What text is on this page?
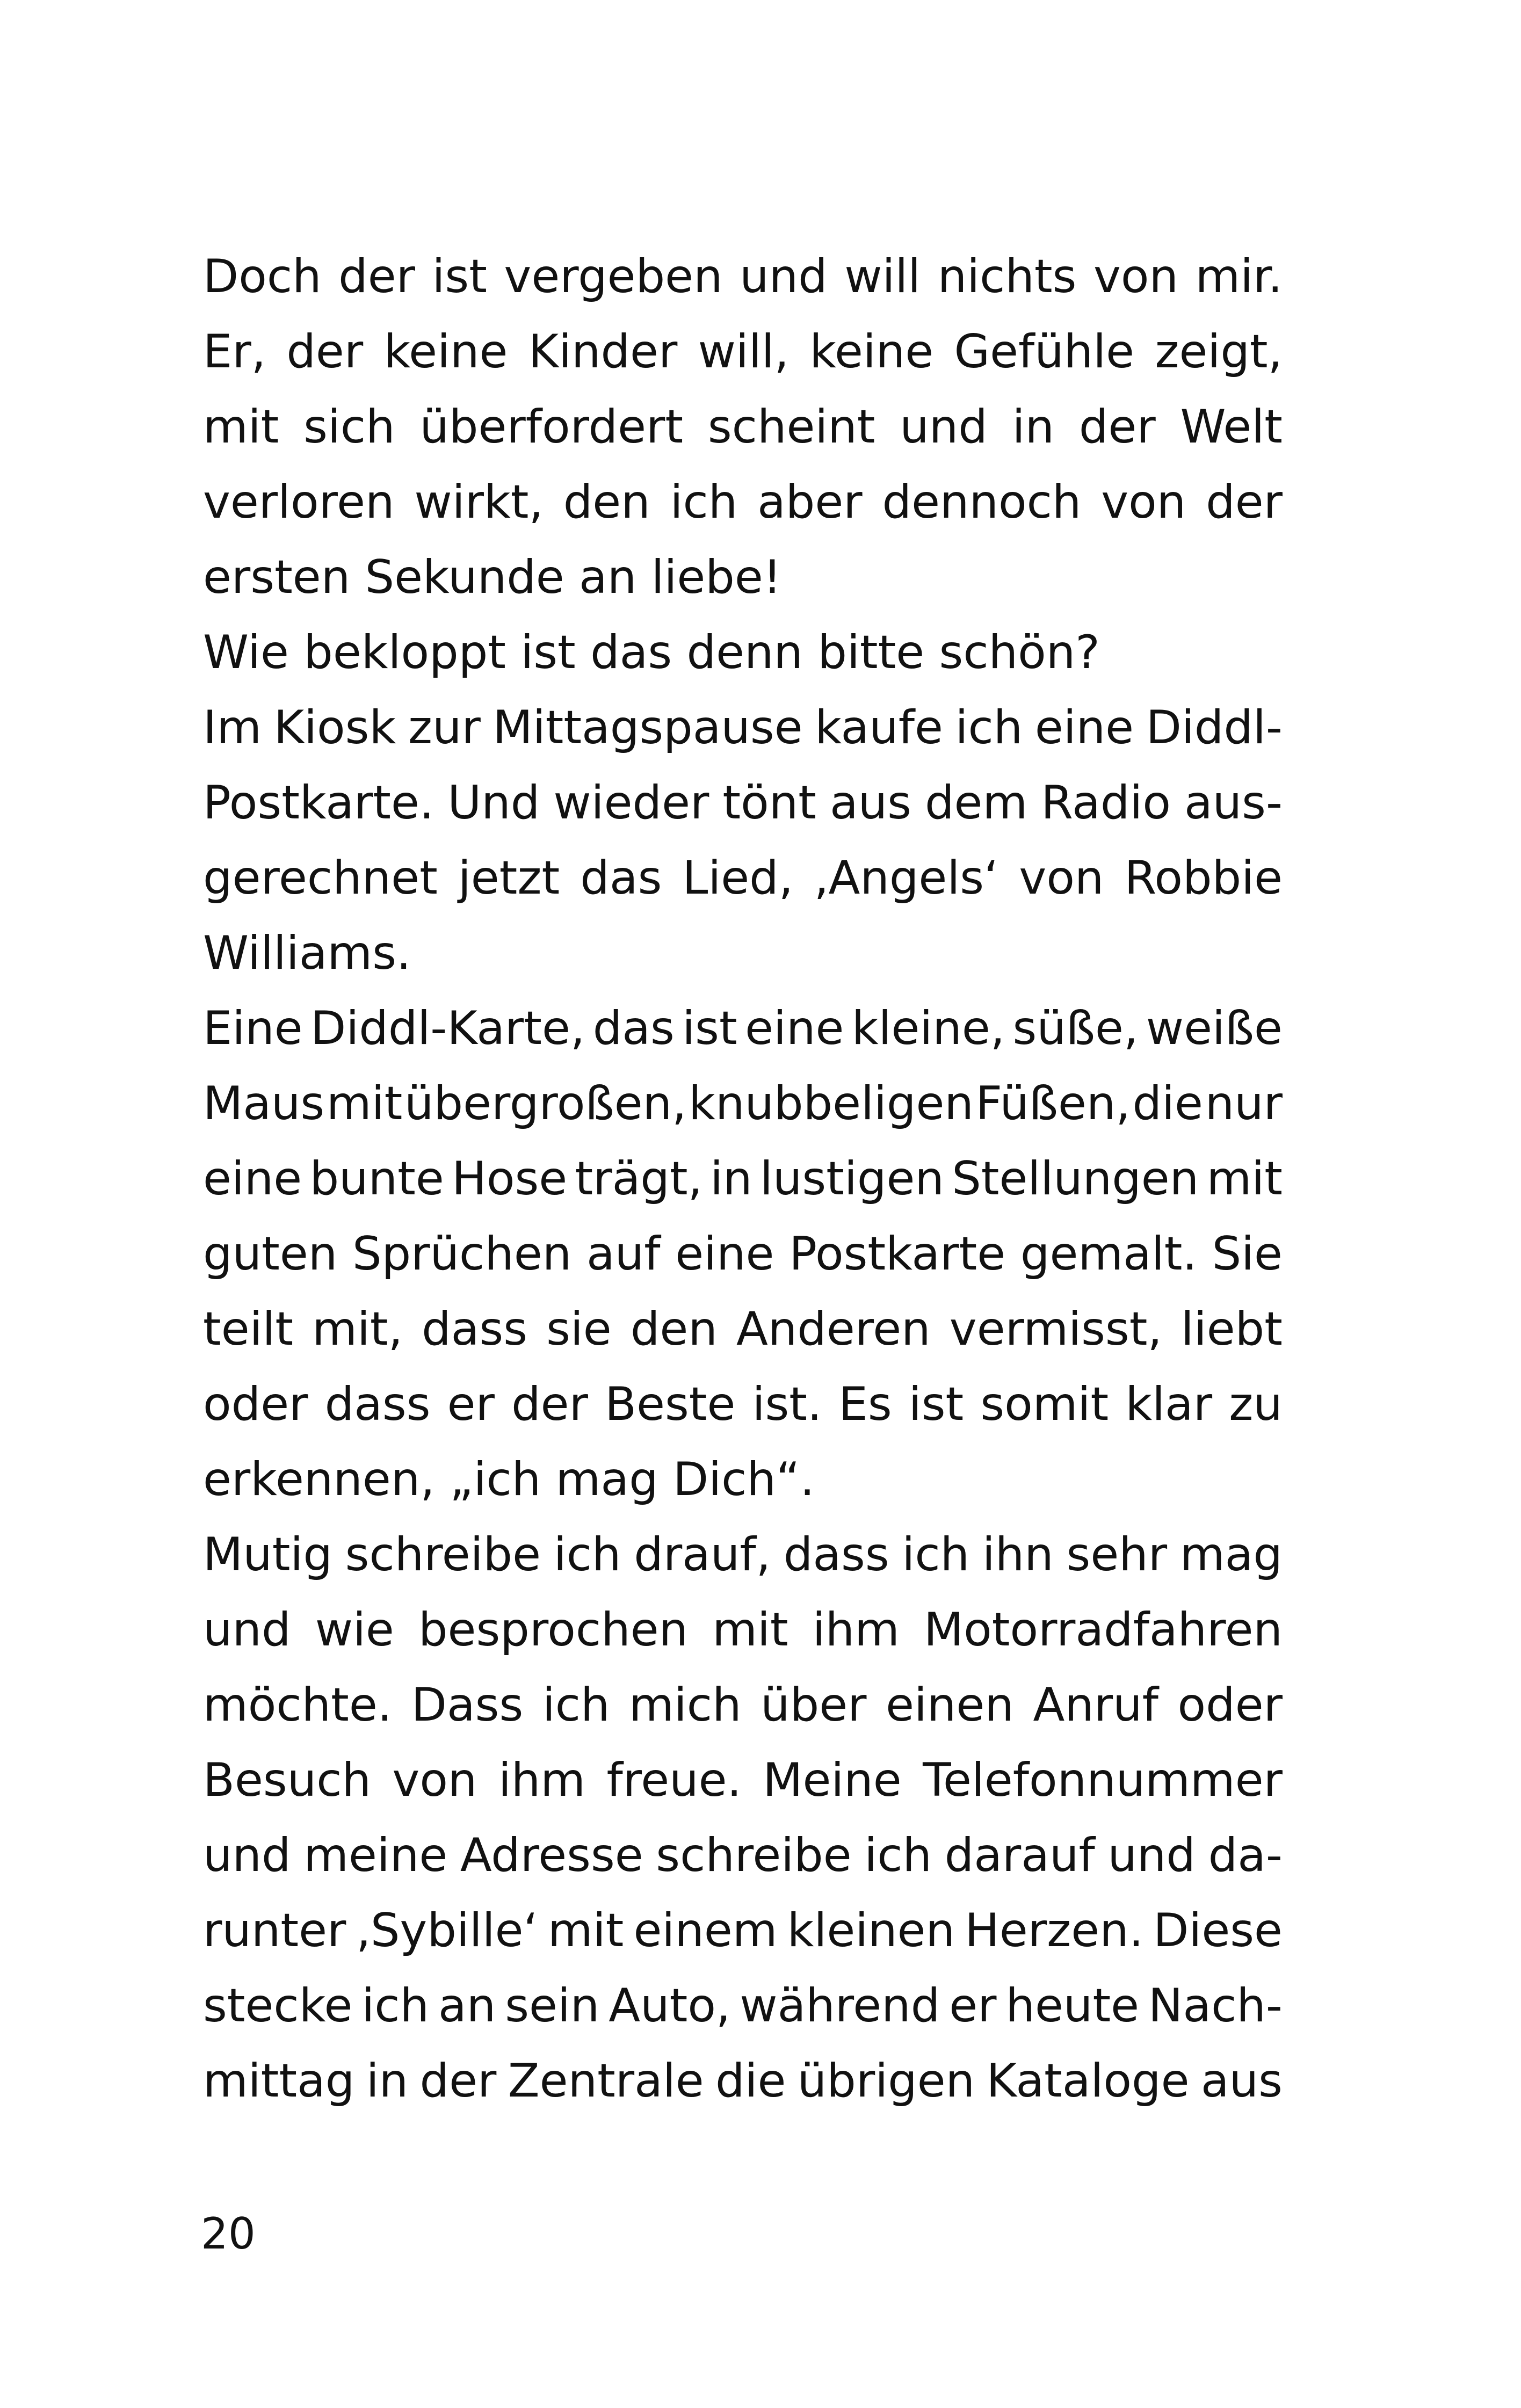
Doch der ist vergeben und will nichts von mir.
Er, der keine Kinder will, keine Gefühle zeigt,
mit sich überfordert scheint und in der Welt
verloren wirkt, den ich aber dennoch von der
ersten Sekunde an liebe!
Wie bekloppt ist das denn bitte schön?
Im Kiosk zur Mittagspause kaufe ich eine Diddl-
Postkarte. Und wieder tönt aus dem Radio aus-
gerechnet jetzt das Lied, ‚Angels‘ von Robbie
Williams.
Eine Diddl-Karte, das ist eine kleine, süße, weiße
Maus mit übergroßen, knubbeligen Füßen, die nur
eine bunte Hose trägt, in lustigen Stellungen mit
guten Sprüchen auf eine Postkarte gemalt. Sie
teilt mit, dass sie den Anderen vermisst, liebt
oder dass er der Beste ist. Es ist somit klar zu
erkennen, „ich mag Dich“.
Mutig schreibe ich drauf, dass ich ihn sehr mag
und wie besprochen mit ihm Motorradfahren
möchte. Dass ich mich über einen Anruf oder
Besuch von ihm freue. Meine Telefonnummer
und meine Adresse schreibe ich darauf und da-
runter ‚Sybille‘ mit einem kleinen Herzen. Diese
stecke ich an sein Auto, während er heute Nach-
mittag in der Zentrale die übrigen Kataloge aus
20
